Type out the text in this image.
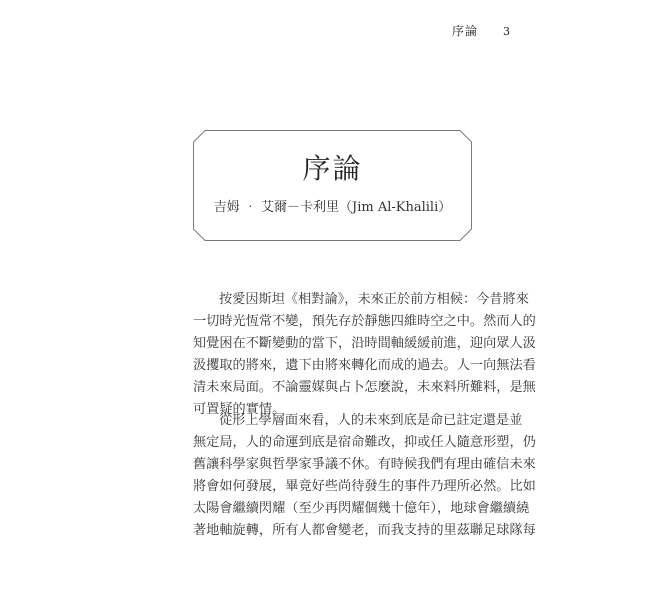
序論 3
序論
吉姆 ‧ 艾爾－卡利里（Jim Al-Khalili）
按愛因斯坦《相對論》，未來正於前方相候：今昔將來
一切時光恆常不變，預先存於靜態四維時空之中。然而人的
知覺困在不斷變動的當下，沿時間軸緩緩前進，迎向眾人汲
汲攫取的將來，遺下由將來轉化而成的過去。人一向無法看
清未來局面。不論靈媒與占卜怎麼說，未來料所難料，是無
可置疑的實情。
從形上學層面來看，人的未來到底是命已註定還是並
無定局，人的命運到底是宿命難改，抑或任人隨意形塑，仍
舊讓科學家與哲學家爭議不休。有時候我們有理由確信未來
將會如何發展，畢竟好些尚待發生的事件乃理所必然。比如
太陽會繼續閃耀（至少再閃耀個幾十億年），地球會繼續繞
著地軸旋轉，所有人都會變老，而我支持的里茲聯足球隊每
